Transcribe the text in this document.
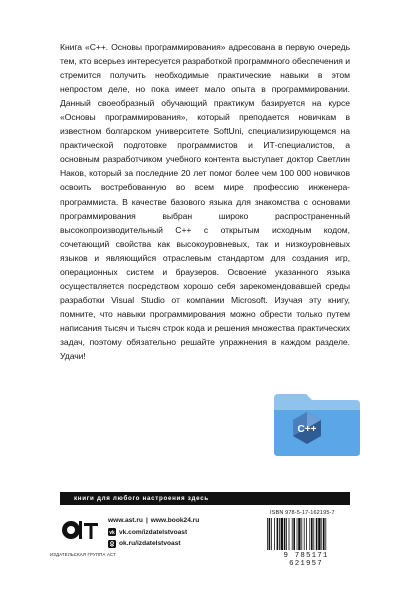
Книга «С++. Основы программирования» адресована в первую очередь тем, кто всерьез интересуется разработкой программного обеспечения и стремится получить необходимые практические навыки в этом непростом деле, но пока имеет мало опыта в программировании. Данный своеобразный обучающий практикум базируется на курсе «Основы программирования», который преподается новичкам в известном болгарском университете SoftUni, специализирующемся на практической подготовке программистов и ИТ-специалистов, а основным разработчиком учебного контента выступает доктор Светлин Наков, который за последние 20 лет помог более чем 100 000 новичков освоить востребованную во всем мире профессию инженера-программиста. В качестве базового языка для знакомства с основами программирования выбран широко распространенный высокопроизводительный C++ с открытым исходным кодом, сочетающий свойства как высокоуровневых, так и низкоуровневых языков и являющийся отраслевым стандартом для создания игр, операционных систем и браузеров. Освоение указанного языка осуществляется посредством хорошо себя зарекомендовавшей среды разработки Visual Studio от компании Microsoft. Изучая эту книгу, помните, что навыки программирования можно обрести только путем написания тысяч и тысяч строк кода и решения множества практических задач, поэтому обязательно решайте упражнения в каждом разделе. Удачи!

C++
книги для любого настроения здесь
ИЗДАТЕЛЬСКАЯ ГРУППА АСТ
www.ast.ru | www.book24.ru
vk vk.com/izdatelstvoast
ok.ru/izdatelstvoast
ISBN 978-5-17-162195-7
9 785171 621957
